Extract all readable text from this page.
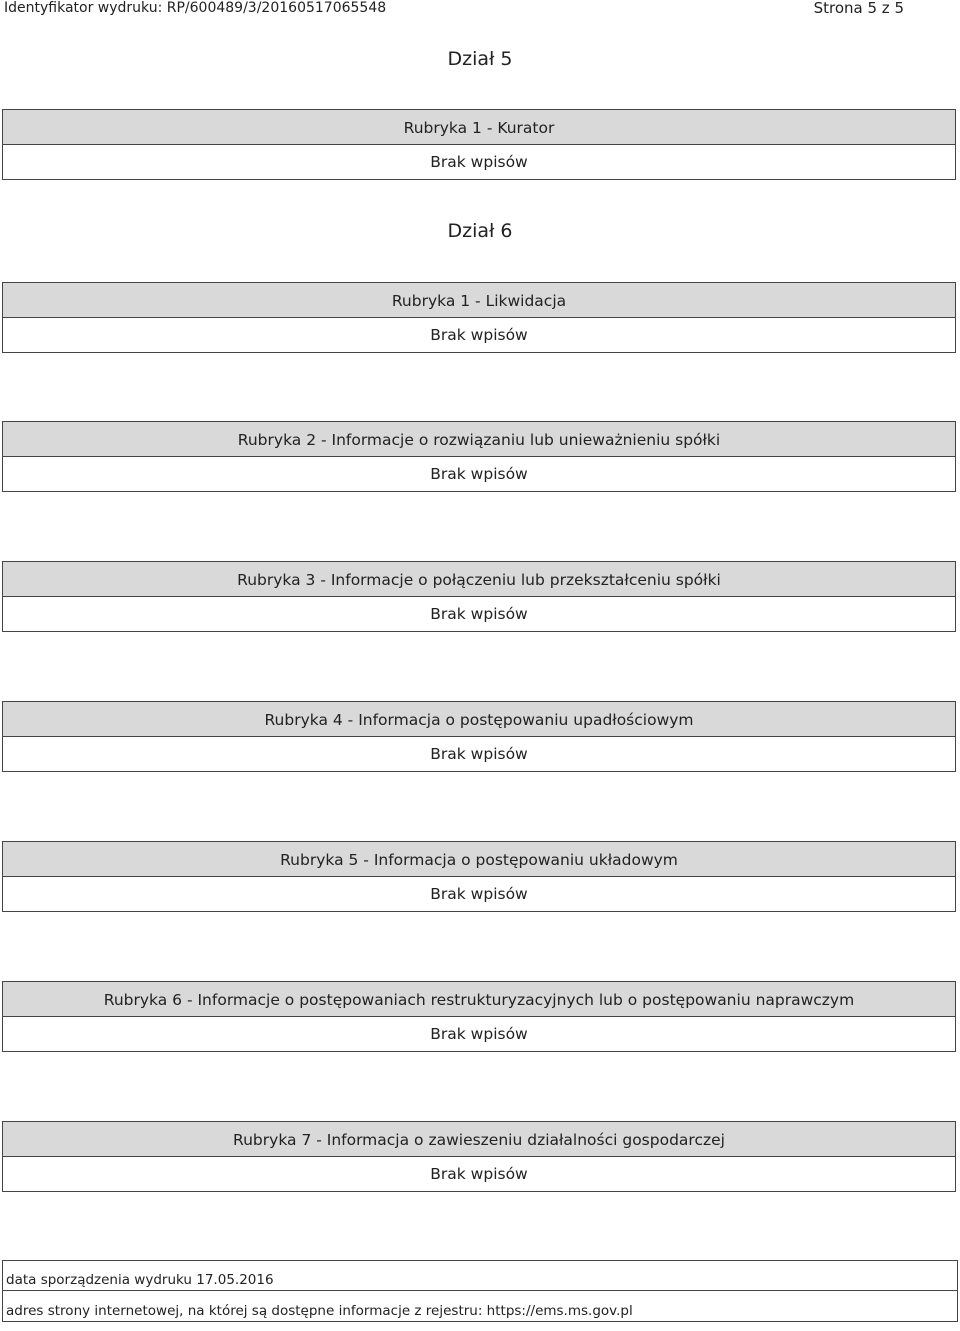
Identyfikator wydruku: RP/600489/3/20160517065548	Strona 5 z 5
Dział 5
Rubryka 1 - Kurator
Brak wpisów
Dział 6
Rubryka 1 - Likwidacja
Brak wpisów
Rubryka 2 - Informacje o rozwiązaniu lub unieważnieniu spółki
Brak wpisów
Rubryka 3 - Informacje o połączeniu lub przekształceniu spółki
Brak wpisów
Rubryka 4 - Informacja o postępowaniu upadłościowym
Brak wpisów
Rubryka 5 - Informacja o postępowaniu układowym
Brak wpisów
Rubryka 6 - Informacje o postępowaniach restrukturyzacyjnych lub o postępowaniu naprawczym
Brak wpisów
Rubryka 7 - Informacja o zawieszeniu działalności gospodarczej
Brak wpisów
data sporządzenia wydruku 17.05.2016
adres strony internetowej, na której są dostępne informacje z rejestru: https://ems.ms.gov.pl
